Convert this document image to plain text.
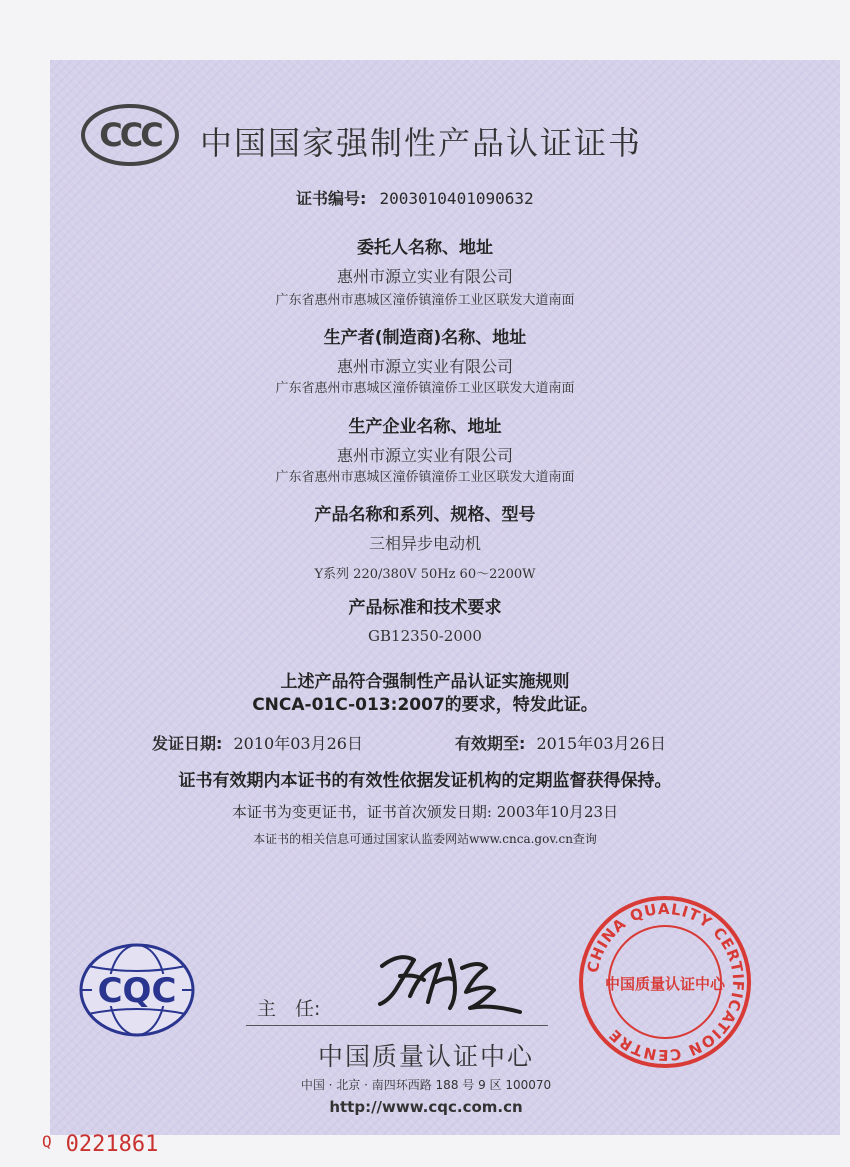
CCC 中国国家强制性产品认证证书
证书编号: 2003010401090632
委托人名称、地址
惠州市源立实业有限公司
广东省惠州市惠城区潼侨镇潼侨工业区联发大道南面
生产者(制造商)名称、地址
惠州市源立实业有限公司
广东省惠州市惠城区潼侨镇潼侨工业区联发大道南面
生产企业名称、地址
惠州市源立实业有限公司
广东省惠州市惠城区潼侨镇潼侨工业区联发大道南面
产品名称和系列、规格、型号
三相异步电动机
Y系列 220/380V 50Hz 60～2200W
产品标准和技术要求
GB12350-2000
上述产品符合强制性产品认证实施规则
CNCA-01C-013:2007的要求，特发此证。
发证日期: 2010年03月26日	有效期至: 2015年03月26日
证书有效期内本证书的有效性依据发证机构的定期监督获得保持。
本证书为变更证书，证书首次颁发日期: 2003年10月23日
本证书的相关信息可通过国家认监委网站www.cnca.gov.cn查询
CQC	主　任:
中国质量认证中心
中国 · 北京 · 南四环西路 188 号 9 区 100070
http://www.cqc.com.cn
CHINA QUALITY CERTIFICATION CENTRE
中国质量认证中心
$^Q$ 0221861
